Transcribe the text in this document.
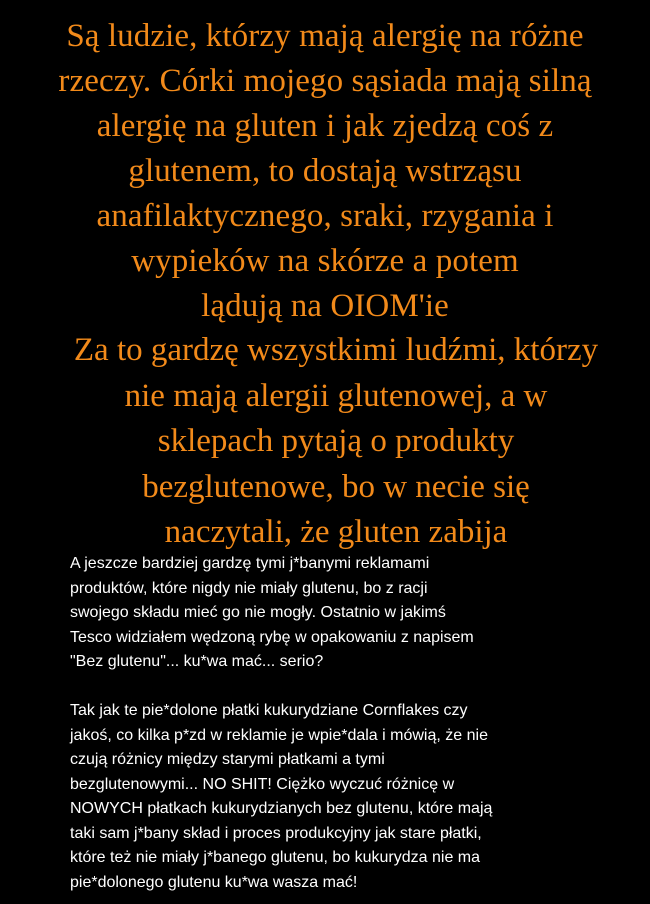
Są ludzie, którzy mają alergię na różne
rzeczy. Córki mojego sąsiada mają silną
alergię na gluten i jak zjedzą coś z
glutenem, to dostają wstrząsu
anafilaktycznego, sraki, rzygania i
wypieków na skórze a potem
lądują na OIOM'ie
Za to gardzę wszystkimi ludźmi, którzy
nie mają alergii glutenowej, a w
sklepach pytają o produkty
bezglutenowe, bo w necie się
naczytali, że gluten zabija
A jeszcze bardziej gardzę tymi j*banymi reklamami
produktów, które nigdy nie miały glutenu, bo z racji
swojego składu mieć go nie mogły. Ostatnio w jakimś
Tesco widziałem wędzoną rybę w opakowaniu z napisem
"Bez glutenu"... ku*wa mać... serio?
Tak jak te pie*dolone płatki kukurydziane Cornflakes czy
jakoś, co kilka p*zd w reklamie je wpie*dala i mówią, że nie
czują różnicy między starymi płatkami a tymi
bezglutenowymi... NO SHIT! Ciężko wyczuć różnicę w
NOWYCH płatkach kukurydzianych bez glutenu, które mają
taki sam j*bany skład i proces produkcyjny jak stare płatki,
które też nie miały j*banego glutenu, bo kukurydza nie ma
pie*dolonego glutenu ku*wa wasza mać!
